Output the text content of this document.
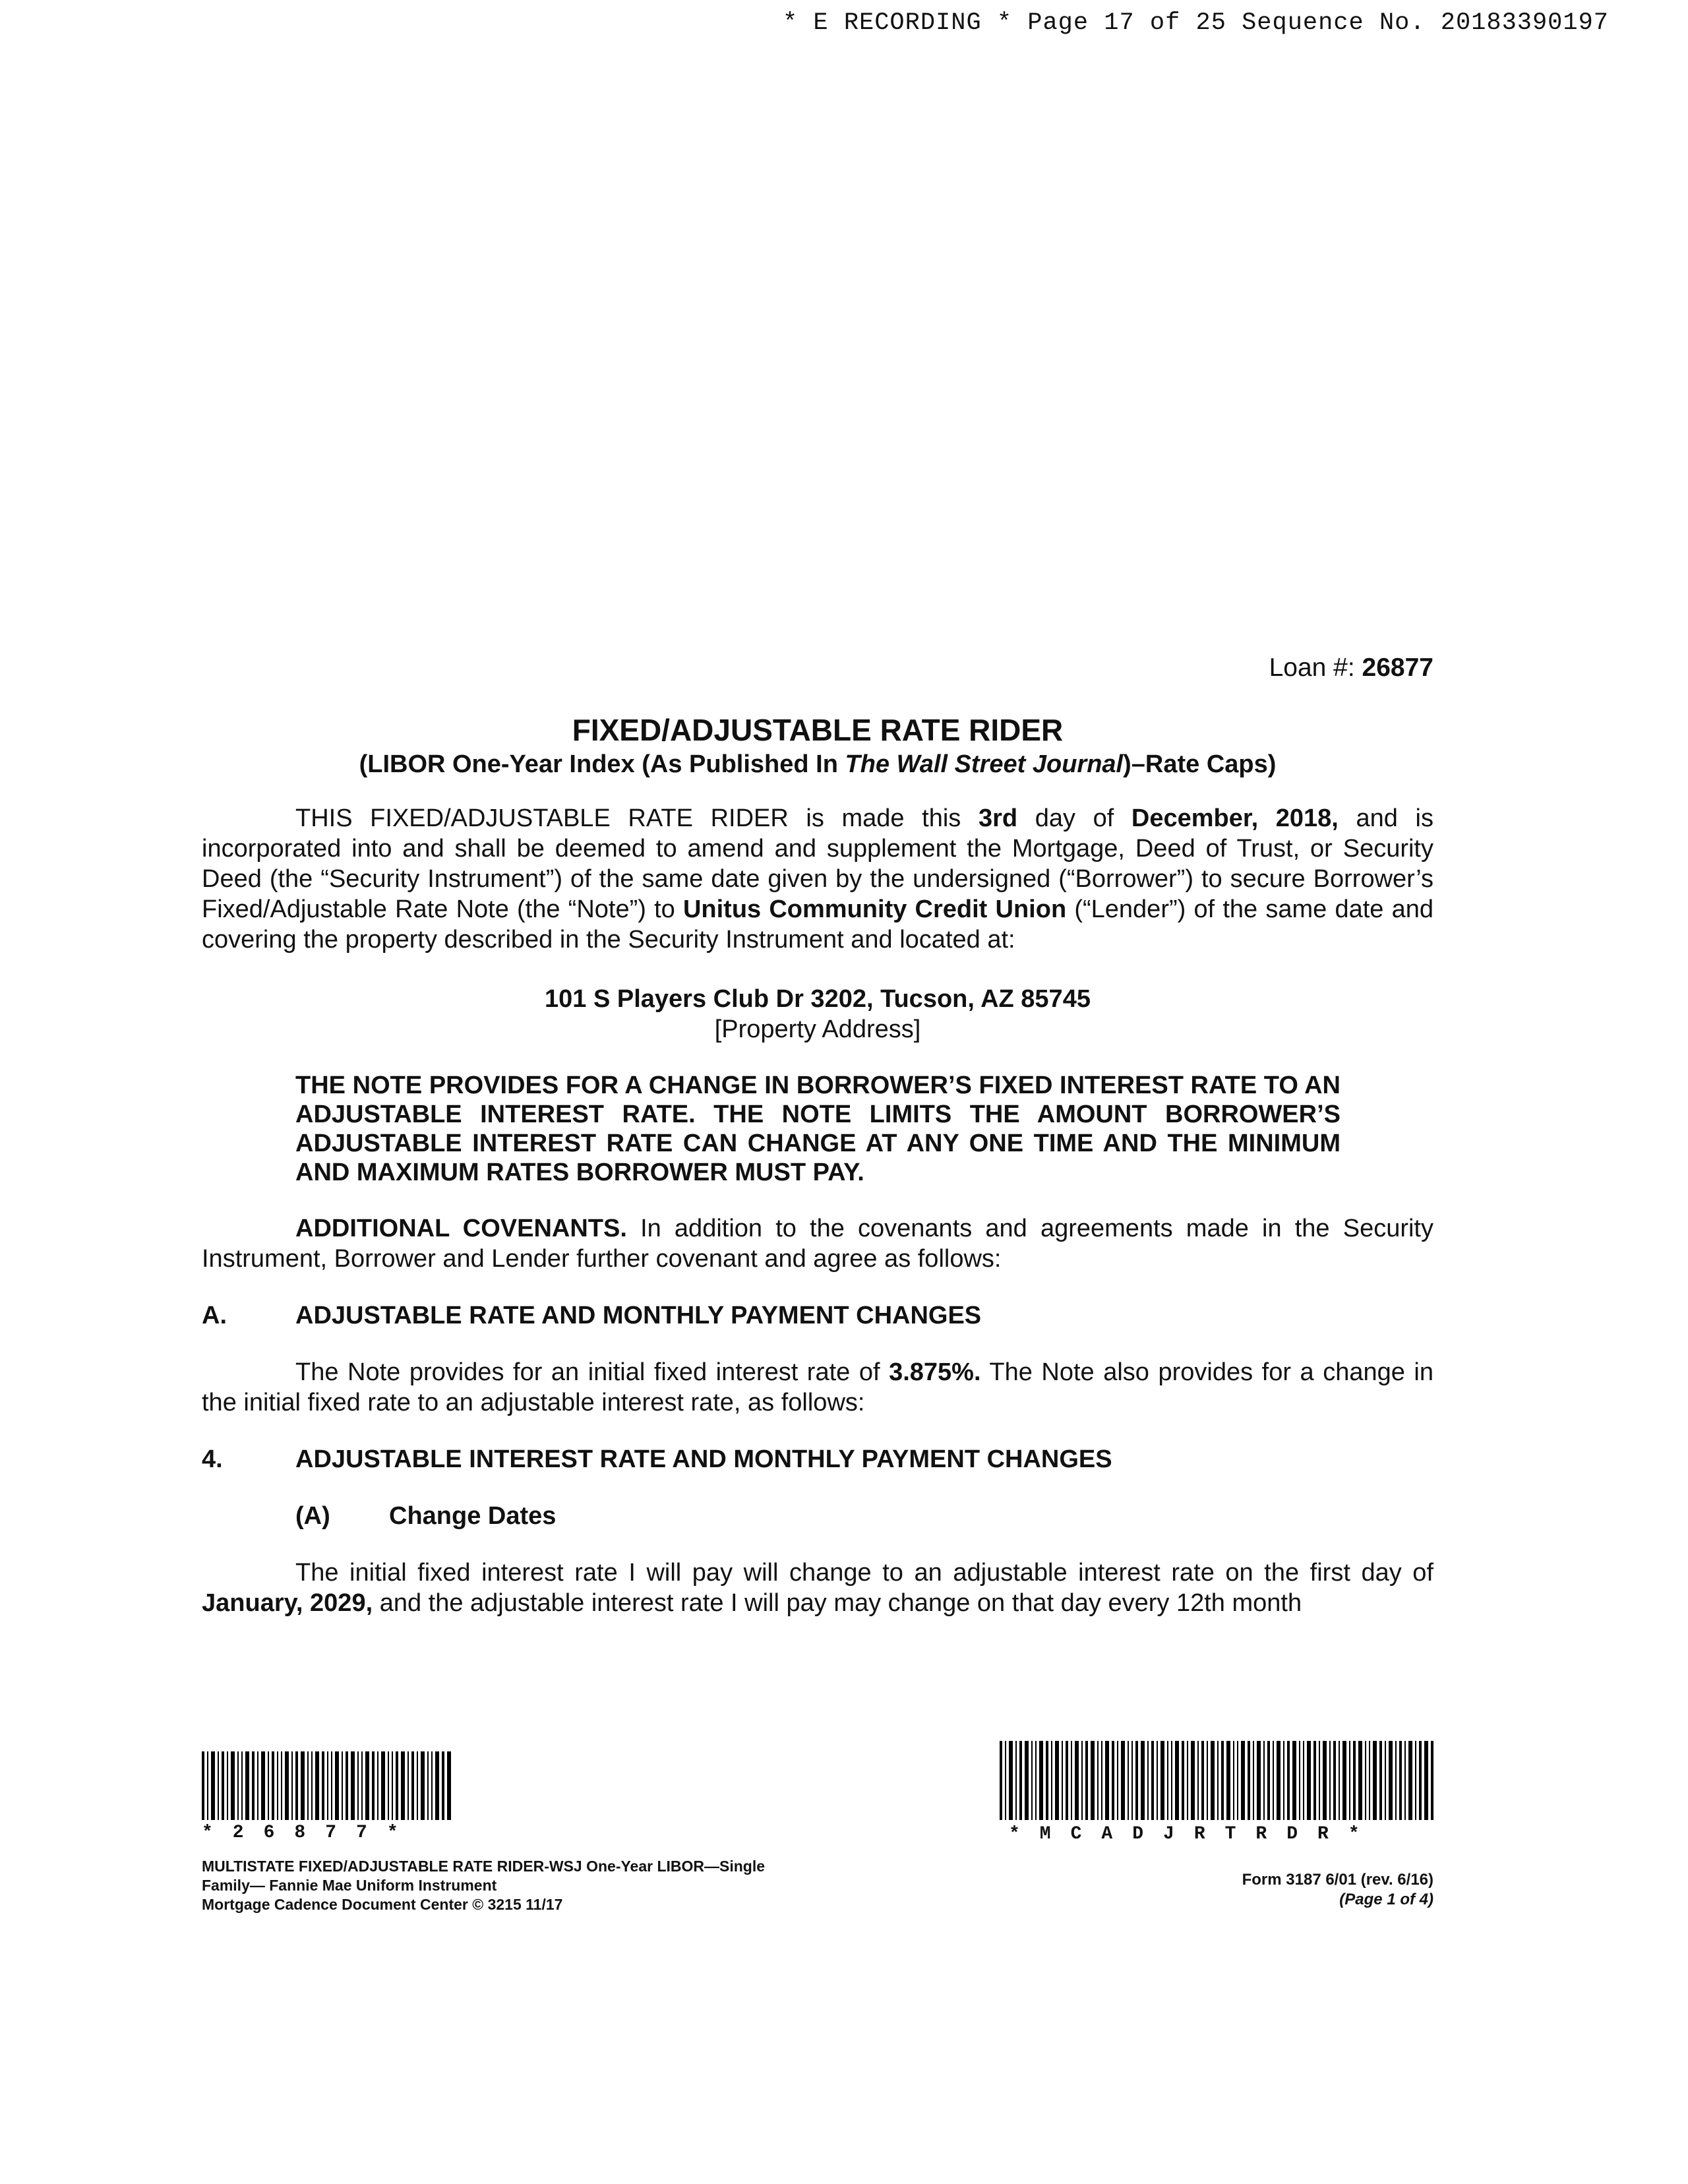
* E RECORDING * Page 17 of 25 Sequence No. 20183390197
Loan #: 26877
FIXED/ADJUSTABLE RATE RIDER
(LIBOR One-Year Index (As Published In The Wall Street Journal)–Rate Caps)

THIS FIXED/ADJUSTABLE RATE RIDER is made this 3rd day of December, 2018, and is incorporated into and shall be deemed to amend and supplement the Mortgage, Deed of Trust, or Security Deed (the “Security Instrument”) of the same date given by the undersigned (“Borrower”) to secure Borrower’s Fixed/Adjustable Rate Note (the “Note”) to Unitus Community Credit Union (“Lender”) of the same date and covering the property described in the Security Instrument and located at:

101 S Players Club Dr 3202, Tucson, AZ 85745
[Property Address]
THE NOTE PROVIDES FOR A CHANGE IN BORROWER’S FIXED INTEREST RATE TO AN ADJUSTABLE INTEREST RATE. THE NOTE LIMITS THE AMOUNT BORROWER’S ADJUSTABLE INTEREST RATE CAN CHANGE AT ANY ONE TIME AND THE MINIMUM AND MAXIMUM RATES BORROWER MUST PAY.

ADDITIONAL COVENANTS. In addition to the covenants and agreements made in the Security Instrument, Borrower and Lender further covenant and agree as follows:

A.	ADJUSTABLE RATE AND MONTHLY PAYMENT CHANGES

The Note provides for an initial fixed interest rate of 3.875%. The Note also provides for a change in the initial fixed rate to an adjustable interest rate, as follows:

4.	ADJUSTABLE INTEREST RATE AND MONTHLY PAYMENT CHANGES
(A)	Change Dates

The initial fixed interest rate I will pay will change to an adjustable interest rate on the first day of January, 2029, and the adjustable interest rate I will pay may change on that day every 12th month

*26877*	*MCADJRTRDR*
MULTISTATE FIXED/ADJUSTABLE RATE RIDER-WSJ One-Year LIBOR—Single
Family— Fannie Mae Uniform Instrument
Mortgage Cadence Document Center © 3215 11/17
Form 3187 6/01 (rev. 6/16)
(Page 1 of 4)
